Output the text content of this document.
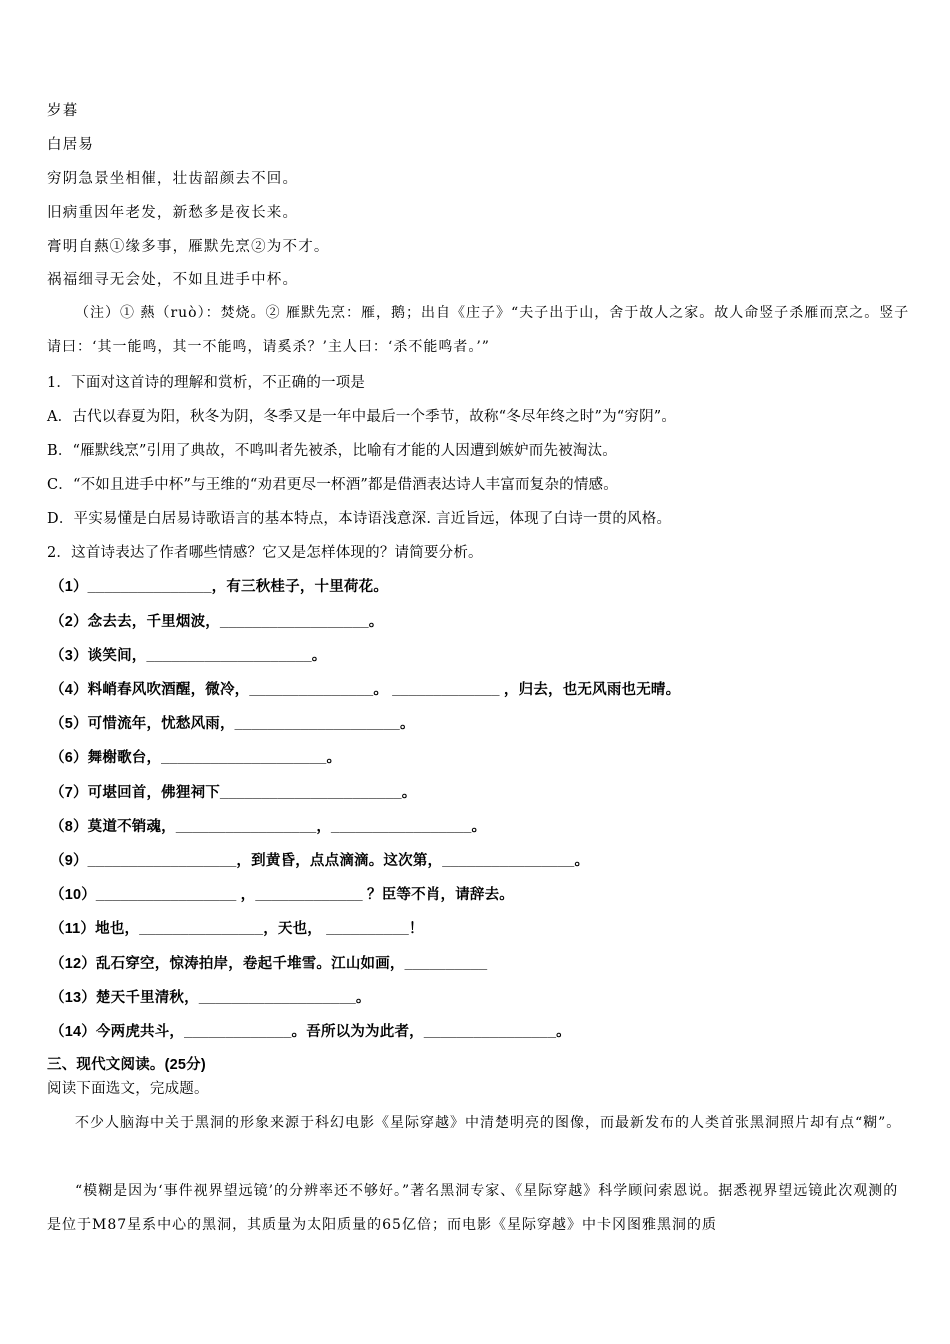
岁暮
白居易
穷阴急景坐相催，壮齿韶颜去不回。
旧病重因年老发，新愁多是夜长来。
膏明自爇①缘多事，雁默先烹②为不才。
祸福细寻无会处，不如且进手中杯。
（注）① 爇（ruò）：焚烧。② 雁默先烹：雁，鹅；出自《庄子》“夫子出于山，舍于故人之家。故人命竖子杀雁而烹之。竖子请曰：‘其一能鸣，其一不能鸣，请奚杀？’主人曰：‘杀不能鸣者。’”
1．下面对这首诗的理解和赏析，不正确的一项是
A．古代以春夏为阳，秋冬为阴，冬季又是一年中最后一个季节，故称“冬尽年终之时”为“穷阴”。
B．“雁默线烹”引用了典故，不鸣叫者先被杀，比喻有才能的人因遭到嫉妒而先被淘汰。
C．“不如且进手中杯”与王维的“劝君更尽一杯酒”都是借酒表达诗人丰富而复杂的情感。
D．平实易懂是白居易诗歌语言的基本特点，本诗语浅意深. 言近旨远，体现了白诗一贯的风格。
2．这首诗表达了作者哪些情感？它又是怎样体现的？请简要分析。
（1）_______________，有三秋桂子，十里荷花。
（2）念去去，千里烟波，__________________。
（3）谈笑间，____________________。
（4）料峭春风吹酒醒，微冷，_______________。 _____________ ，归去，也无风雨也无晴。
（5）可惜流年，忧愁风雨，____________________。
（6）舞榭歌台，____________________。
（7）可堪回首，佛狸祠下______________________。
（8）莫道不销魂，_________________，_________________。
（9）__________________，到黄昏，点点滴滴。这次第，________________。
（10）_________________ ，_____________ ？臣等不肖，请辞去。
（11）地也，_______________，天也， __________！
（12）乱石穿空，惊涛拍岸，卷起千堆雪。江山如画，__________
（13）楚天千里清秋，___________________。
（14）今两虎共斗，_____________。吾所以为为此者，________________。
三、现代文阅读。(25分)
阅读下面选文，完成题。
不少人脑海中关于黑洞的形象来源于科幻电影《星际穿越》中清楚明亮的图像，而最新发布的人类首张黑洞照片却有点“糊”。
“模糊是因为‘事件视界望远镜’的分辨率还不够好。”著名黑洞专家、《星际穿越》科学顾问索恩说。据悉视界望远镜此次观测的是位于M87星系中心的黑洞，其质量为太阳质量的65亿倍；而电影《星际穿越》中卡冈图雅黑洞的质
